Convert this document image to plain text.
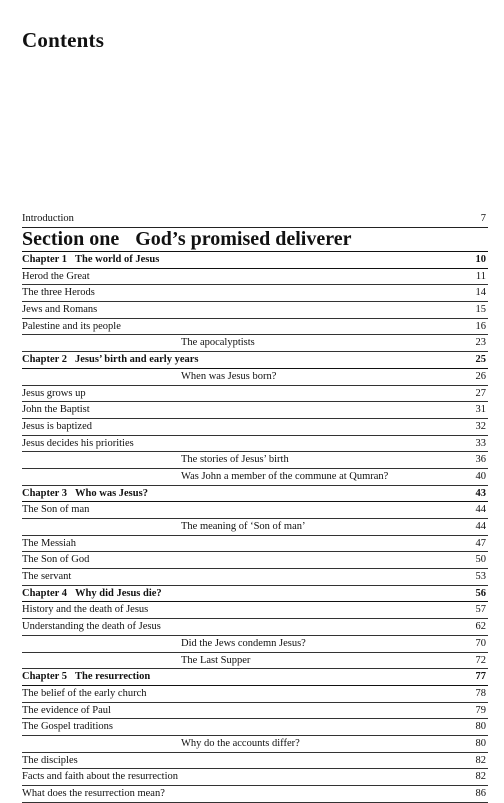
Contents
Introduction	7
Section one God’s promised deliverer
Chapter 1 The world of Jesus	10
Herod the Great	11
The three Herods	14
Jews and Romans	15
Palestine and its people	16
The apocalyptists	23
Chapter 2 Jesus’ birth and early years	25
When was Jesus born?	26
Jesus grows up	27
John the Baptist	31
Jesus is baptized	32
Jesus decides his priorities	33
The stories of Jesus’ birth	36
Was John a member of the commune at Qumran?	40
Chapter 3 Who was Jesus?	43
The Son of man	44
The meaning of ‘Son of man’	44
The Messiah	47
The Son of God	50
The servant	53
Chapter 4 Why did Jesus die?	56
History and the death of Jesus	57
Understanding the death of Jesus	62
Did the Jews condemn Jesus?	70
The Last Supper	72
Chapter 5 The resurrection	77
The belief of the early church	78
The evidence of Paul	79
The Gospel traditions	80
Why do the accounts differ?	80
The disciples	82
Facts and faith about the resurrection	82
What does the resurrection mean?	86
